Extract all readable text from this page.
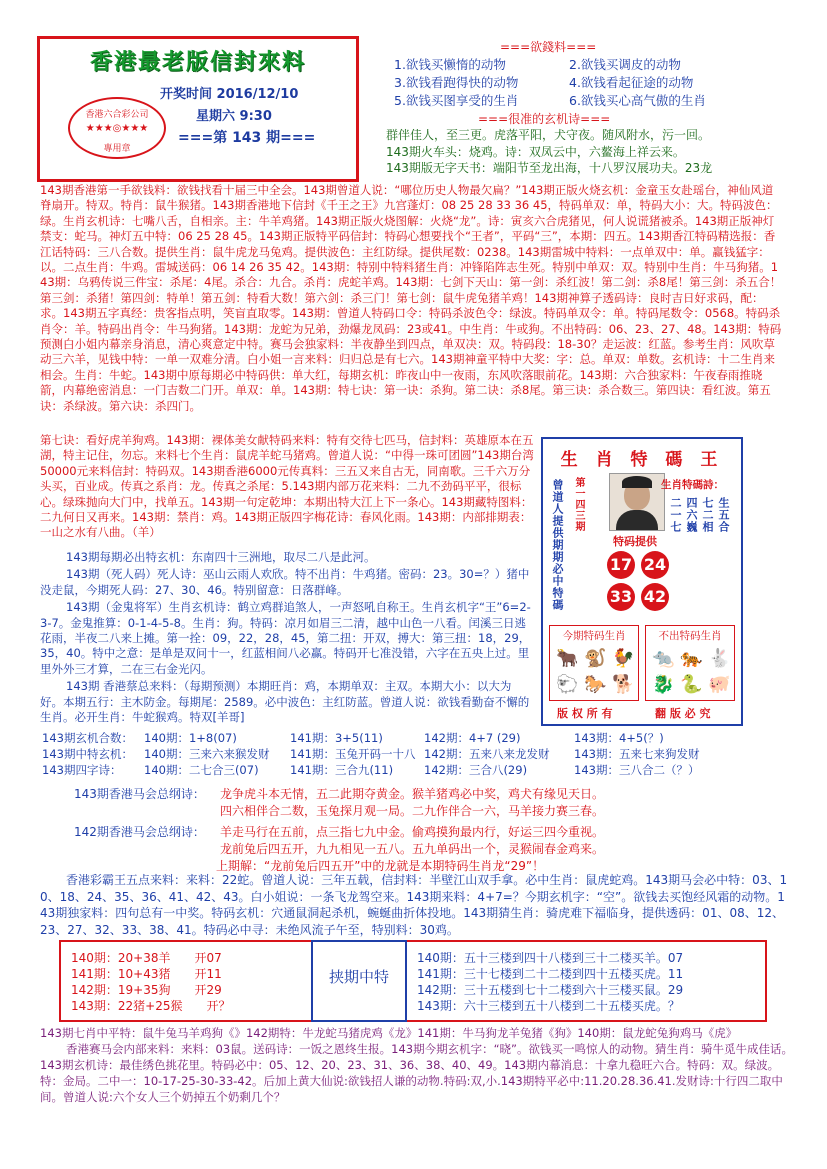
香港最老版信封來料
香港六合彩公司
★★★◎★★★
專用章
开奖时间 2016/12/10
星期六 9:30
===第 143 期===
===欲錢料===
1.欲钱买懒惰的动物	2.欲钱买调皮的动物
3.欲钱看跑得快的动物	4.欲钱看起征途的动物
5.欲钱买图享受的生肖	6.欲钱买心高气傲的生肖
===很准的玄机诗===
群伴佳人，至三更。虎落平阳，犬守夜。随风附水，污一回。
143期火车头：烧鸡。诗：双凤云中，六鳌海上祥云来。
143期版无字天书：端阳节至龙出海，十八罗汉展功夫。23龙
143期香港第一手欲钱料：欲钱找看十届三中全会。143期曾道人说：“哪位历史人物最欠扁？”143期正版火烧玄机：金童玉女赴瑶台，神仙风道脊扇开。特双。特肖：鼠牛猴猪。143期香港地下信封《千王之王》九宫蓬灯：08 25 28 33 36 45，特码单双：单，特码大小：大。特码波色：绿。生肖玄机诗：七嘴八舌，自相亲。主：牛羊鸡猪。143期正版火烧图解：火烧“龙”。诗：寅亥六合虎猪见，何人说谎猪被杀。143期正版神灯禁支：蛇马。神灯五中特：06 25 28 45。143期正版特平码信封：特码心想要找个“王者”，平码“三”，本期：四五。143期香江特码精选报：香江话特码：三八合数。提供生肖：鼠牛虎龙马兔鸡。提供波色：主红防绿。提供尾数：0238。143期雷城中特料：一点单双中：单。赢钱猛字：以。二点生肖：牛鸡。雷城送码：06 14 26 35 42。143期：特别中特料猪生肖：冲锋陷阵志生死。特别中单双：双。特别中生肖：牛马狗猪。143期：乌鸦传说三件宝：杀尾：4尾。杀合：九合。杀肖：虎蛇羊鸡。143期：七剑下天山：第一剑：杀红波！第二剑：杀8尾！第三剑：杀五合！第三剑：杀猪！第四剑：特单！第五剑：特看大数！第六剑：杀三门！第七剑：鼠牛虎兔猪羊鸡！143期神算子透码诗：良时吉日好求码，配：求。143期五字真经：贵客指点明，笑盲直取零。143期：曾道人特码口令：特码杀波色令：绿波。特码单双令：单。特码尾数令：0568。特码杀肖令：羊。特码出肖令：牛马狗猪。143期：龙蛇为兄弟，劲爆龙凤码：23或41。中生肖：牛或狗。不出特码：06、23、27、48。143期：特码预测白小姐内幕亲身消息，清心爽意定中特。赛马会独家料：半夜静坐到四点，单双决：双。特码段：18-30？走运波：红蓝。参考生肖：风吹草动三六羊，见钱中特：一单一双难分清。白小姐一言来料：归归总是有七六。143期神童平特中大奖：字：总。单双：单数。玄机诗：十二生肖来相会。生肖：牛蛇。143期中原每期必中特码供：单大红，每期玄机：昨夜山中一夜雨，东风吹落眼前花。143期：六合独家料：午夜春雨推晓箭，内幕绝密消息：一门吉数二门开。单双：单。143期：特七诀：第一诀：杀狗。第二诀：杀8尾。第三诀：杀合数三。第四诀：看红波。第五诀：杀绿波。第六诀：杀四门。
第七诀：看好虎羊狗鸡。143期：裸体美女献特码来料：特有交待七匹马，信封料：英雄原本在五湖，特主记住，勿忘。来料七个生肖：鼠虎羊蛇马猪鸡。曾道人说：“中得一珠可团圆”143期台湾50000元来料信封：特码双。143期香港6000元传真料：三五又来自古无，同南歌。三千六万分头买，百业成。传真之系肖：龙。传真之杀尾：5.143期内部万花来料：二九不劲码平平，很标心。绿珠抛向大门中，找单五。143期一句定乾坤：本期出特大江上下一条心。143期藏特图料：二九何日又再来。143期：禁肖：鸡。143期正版四字梅花诗：春风化雨。143期：内部排期表：一山之水有八曲。（羊）
143期每期必出特玄机：东南四十三洲地，取尽二八是此河。
143期（死人码）死人诗：巫山云雨人欢欣。特不出肖：牛鸡猪。密码：23。30=？）猪中没走鼠，今期死人码：27、30、46。特别留意：日落群峰。
143期（金鬼将军）生肖玄机诗：鹤立鸡群追煞人，一声怒吼自称王。生肖玄机字“王”6=2-3-7。金鬼推算：0-1-4-5-8。生肖：狗。特码：凉月如眉三二清，越中山色一八看。闰溪三日逃花雨，半夜二八来上摊。第一拴：09，22，28，45，第二扭：开双，搏大：第三扭：18，29，35，40。特中之意：是单是双问十一，红蓝相间八必赢。特码开七准没错，六字在五央上过。里里外外三才算，二在三右金光闪。
143期 香港蔡总来料：（每期预测）本期旺肖：鸡，本期单双：主双。本期大小：以大为好。本期五行：主木防金。每期尾：2589。必中波色：主红防蓝。曾道人说：欲钱看勤奋不懈的生肖。必开生肖：牛蛇猴鸡。特双[羊哥]
生 肖 特 碼 王
曾道人提供期期必中特碼 第一四三期	生肖特碼詩：
二一七 四六巍 七二相 生五合
特码提供
17 24
33 42
今期特码生肖
🐂 🐒 🐓
🐑 🐎 🐕
不出特码生肖
🐀 🐅 🐇
🐉 🐍 🐖
版 权 所 有	翻 版 必 究
143期玄机合数：	140期：1+8(07)	141期：3+5(11)	142期：4+7 (29)	143期：4+5(？)
143期中特玄机：	140期：三来六来猴发财	141期：玉兔开码一十八	142期：五来八来龙发财	143期：五来七来狗发财
143期四字诗：	140期：二七合三(07)	141期：三合九(11)	142期：三合八(29)	143期：三八合二（？）
143期香港马会总纲诗：	龙争虎斗本无情，五二此期夺黄金。猴羊猪鸡必中奖，鸡犬有缘见天日。
四六相伴合二数，玉兔探月观一局。二九作伴合一六，马羊接力赛三春。
142期香港马会总纲诗：	羊走马行在五前，点三指七九中金。偷鸡摸狗最内行，好运三四今重视。
龙前兔后四五开，九九相见一五八。五九单码出一个，灵猴闹春金鸡来。
上期解：“龙前兔后四五开”中的龙就是本期特码生肖龙“29”！
香港彩霸王五点来料：来料：22蛇。曾道人说：三年五载，信封料：半壁江山双手拿。必中生肖：鼠虎蛇鸡。143期马会必中特：03、10、18、24、35、36、41、42、43。白小姐说：一条飞龙驾空来。143期来料：4+7=？今期玄机字：“空”。欲钱去买饱经风霜的动物。143期独家料：四句总有一中奖。特码玄机：穴通鼠洞起杀机，蜿蜒曲折体投地。143期猜生肖：骑虎难下福临身，提供透码：01、08、12、23、27、32、33、38、41。特码必中寻：未绝风流子午至，特别料：30鸡。
140期：20+38羊　　开07
141期：10+43猪　　开11
142期：19+35狗　　开29
143期：22猪+25猴　　开？
挟期中特
140期：五十三楼到四十八楼到三十二楼买羊。07
141期：三十七楼到二十二楼到四十五楼买虎。11
142期：三十五楼到七十二楼到六十三楼买鼠。29
143期：六十三楼到五十八楼到二十五楼买虎。？
143期七肖中平特：鼠牛兔马羊鸡狗《》142期特：牛龙蛇马猪虎鸡《龙》141期：牛马狗龙羊兔猪《狗》140期：鼠龙蛇兔狗鸡马《虎》
香港赛马会内部来料：来料：03鼠。送码诗：一饭之恩终生报。143期今期玄机字：“晓”。欲钱买一鸣惊人的动物。猜生肖：骑牛觅牛成佳话。143期玄机诗：最佳绣色挑花里。特码必中：05、12、20、23、31、36、38、40、49。143期内幕消息：十拿九稳旺六合。特码：双。绿波。特：金局。二中一：10-17-25-30-33-42。后加上黄大仙说:欲钱招人谦的动物.特码:双,小.143期特平必中:11.20.28.36.41.发财诗:十行四二取中间。曾道人说:六个女人三个奶掉五个奶剩几个？
